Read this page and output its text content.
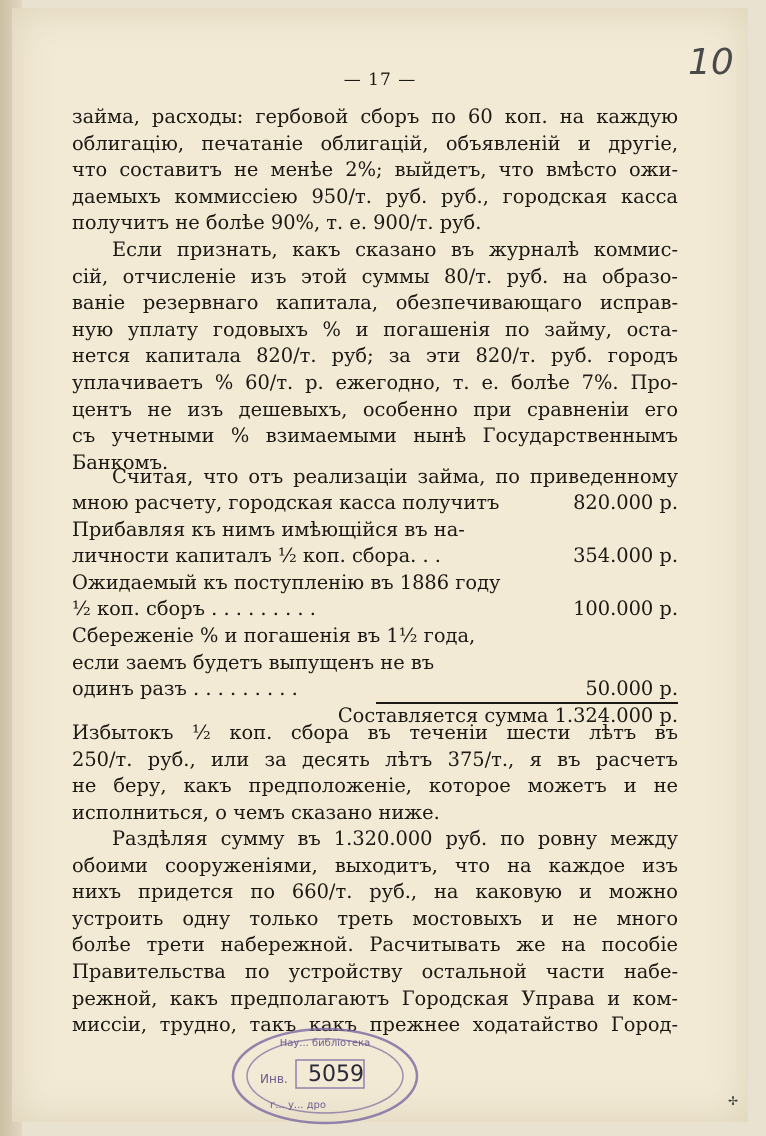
— 17 —	10
займа, расходы: гербовой сборъ по 60 коп. на каждую
облигацію, печатаніе облигацій, объявленій и другіе,
что составитъ не менѣе 2%; выйдетъ, что вмѣсто ожи-
даемыхъ коммиссіею 950/т. руб. руб., городская касса
получитъ не болѣе 90%, т. е. 900/т. руб.
Если признать, какъ сказано въ журналѣ коммис-
сій, отчисленіе изъ этой суммы 80/т. руб. на образо-
ваніе резервнаго капитала, обезпечивающаго исправ-
ную уплату годовыхъ % и погашенія по займу, оста-
нется капитала 820/т. руб; за эти 820/т. руб. городъ
уплачиваетъ % 60/т. р. ежегодно, т. е. болѣе 7%. Про-
центъ не изъ дешевыхъ, особенно при сравненіи его
съ учетными % взимаемыми нынѣ Государственнымъ
Банкомъ.
Считая, что отъ реализаціи займа, по приведенному
мною расчету, городская касса получитъ	820.000 р.
Прибавляя къ нимъ имѣющійся въ на-
личности капиталъ ½ коп. сбора. . .	354.000 р.
Ожидаемый къ поступленію въ 1886 году
½ коп. сборъ . . . . . . . . .	100.000 р.
Сбереженіе % и погашенія въ 1½ года,
если заемъ будетъ выпущенъ не въ
одинъ разъ . . . . . . . . .	50.000 р.
Составляется сумма 1.324.000 р.
Избытокъ ½ коп. сбора въ теченіи шести лѣтъ въ
250/т. руб., или за десять лѣтъ 375/т., я въ расчетъ
не беру, какъ предположеніе, которое можетъ и не
исполниться, о чемъ сказано ниже.
Раздѣляя сумму въ 1.320.000 руб. по ровну между
обоими сооруженіями, выходитъ, что на каждое изъ
нихъ придется по 660/т. руб., на каковую и можно
устроить одну только треть мостовыхъ и не много
болѣе трети набережной. Расчитывать же на пособіе
Правительства по устройству остальной части набе-
режной, какъ предполагаютъ Городская Управа и ком-
миссіи, трудно, такъ какъ прежнее ходатайство Город-
Нау... библіотека
Инв. 5059
г... у... дро	✢
